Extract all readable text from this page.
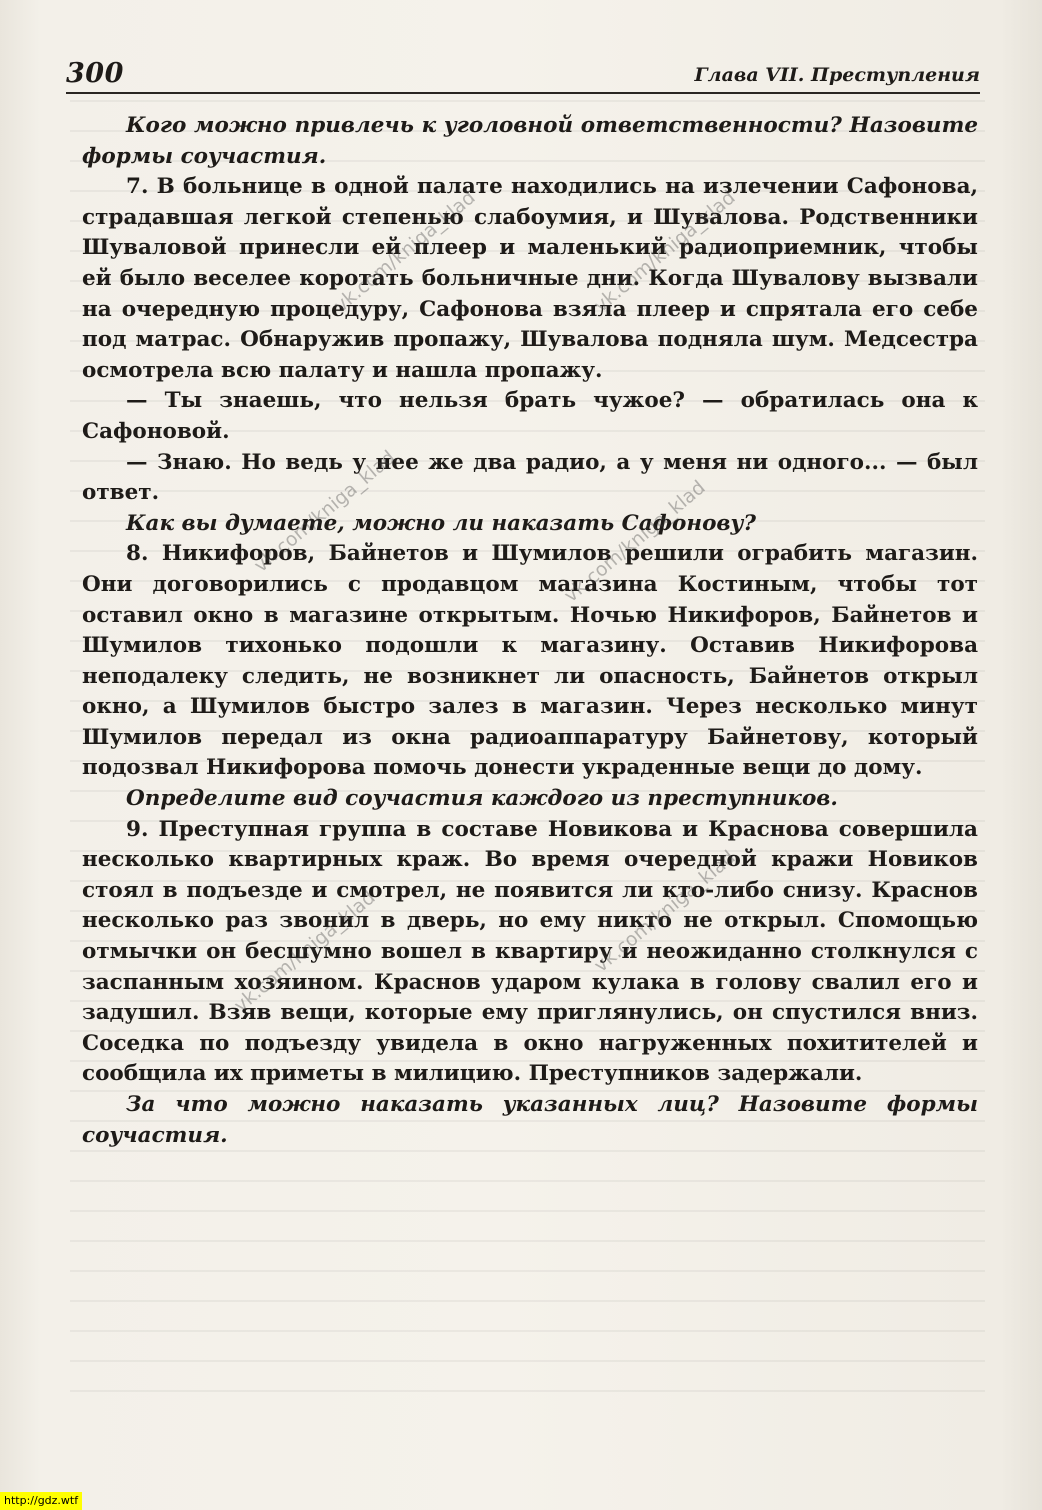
300	Глава VII. Преступления

Кого можно привлечь к уголовной ответственности? Назовите формы соучастия.

7. В больнице в одной палате находились на излечении Сафонова, страдавшая легкой степенью слабоумия, и Шувалова. Родственники Шуваловой принесли ей плеер и маленький радиоприемник, чтобы ей было веселее коротать больничные дни. Когда Шувалову вызвали на очередную процедуру, Сафонова взяла плеер и спрятала его себе под матрас. Обнаружив пропажу, Шувалова подняла шум. Медсестра осмотрела всю палату и нашла пропажу.

— Ты знаешь, что нельзя брать чужое? — обратилась она к Сафоновой.

— Знаю. Но ведь у нее же два радио, а у меня ни одного... — был ответ.

Как вы думаете, можно ли наказать Сафонову?

8. Никифоров, Байнетов и Шумилов решили ограбить магазин. Они договорились с продавцом магазина Костиным, чтобы тот оставил окно в магазине открытым. Ночью Никифоров, Байнетов и Шумилов тихонько подошли к магазину. Оставив Никифорова неподалеку следить, не возникнет ли опасность, Байнетов открыл окно, а Шумилов быстро залез в магазин. Через несколько минут Шумилов передал из окна радиоаппаратуру Байнетову, который подозвал Никифорова помочь донести украденные вещи до дому.

Определите вид соучастия каждого из преступников.

9. Преступная группа в составе Новикова и Краснова совершила несколько квартирных краж. Во время очередной кражи Новиков стоял в подъезде и смотрел, не появится ли кто-либо снизу. Краснов несколько раз звонил в дверь, но ему никто не открыл. Спомощью отмычки он бесшумно вошел в квартиру и неожиданно столкнулся с заспанным хозяином. Краснов ударом кулака в голову свалил его и задушил. Взяв вещи, которые ему приглянулись, он спустился вниз. Соседка по подъезду увидела в окно нагруженных похитителей и сообщила их приметы в милицию. Преступников задержали.

За что можно наказать указанных лиц? Назовите формы соучастия.

vk.com/kniga_klad	vk.com/kniga_klad
vk.com/kniga_klad	vk.com/kniga_klad
vk.com/kniga_klad	vk.com/kniga_klad
http://gdz.wtf
